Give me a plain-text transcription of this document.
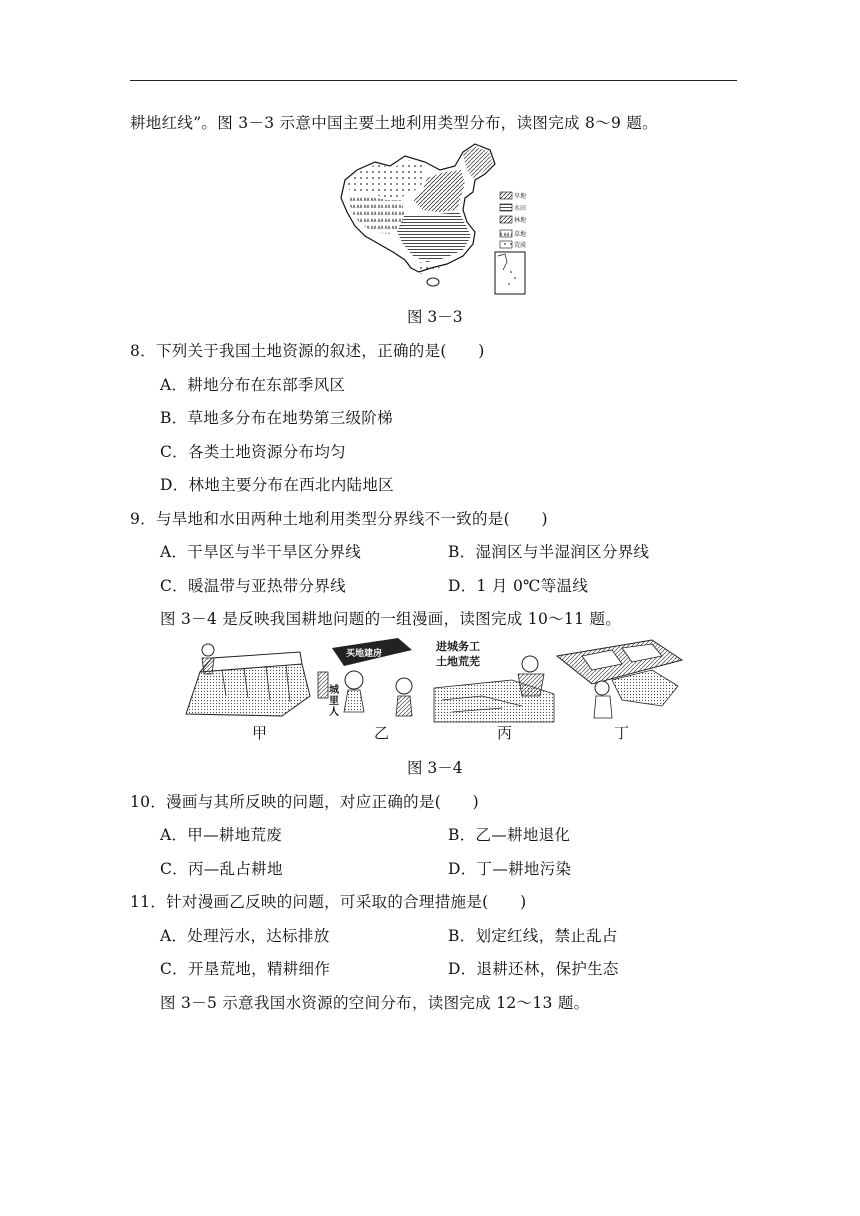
耕地红线”。图 3－3 示意中国主要土地利用类型分布，读图完成 8～9 题。
旱地
水田
林地
草地
荒漠
图 3－3
8．下列关于我国土地资源的叙述，正确的是(　　)
A．耕地分布在东部季风区
B．草地多分布在地势第三级阶梯
C．各类土地资源分布均匀
D．林地主要分布在西北内陆地区
9．与旱地和水田两种土地利用类型分界线不一致的是(　　)
A．干旱区与半干旱区分界线	B．湿润区与半湿润区分界线
C．暖温带与亚热带分界线	D．1 月 0℃等温线
图 3－4 是反映我国耕地问题的一组漫画，读图完成 10～11 题。
买地建房
城
里
人
进城务工
土地荒芜
甲	乙	丙	丁
图 3－4
10．漫画与其所反映的问题，对应正确的是(　　)
A．甲—耕地荒废	B．乙—耕地退化
C．丙—乱占耕地	D．丁—耕地污染
11．针对漫画乙反映的问题，可采取的合理措施是(　　)
A．处理污水，达标排放	B．划定红线，禁止乱占
C．开垦荒地，精耕细作	D．退耕还林，保护生态
图 3－5 示意我国水资源的空间分布，读图完成 12～13 题。
